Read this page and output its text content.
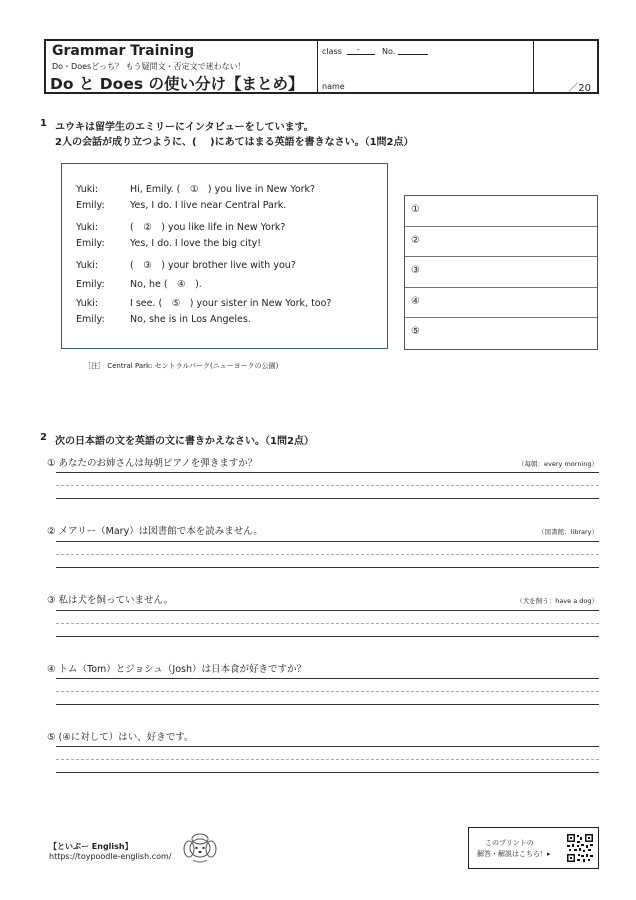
Grammar Training
Do・Doesどっち？ もう疑問文・否定文で迷わない！
Do と Does の使い分け【まとめ】
class -	No.
name	／20
1 ユウキは留学生のエミリーにインタビューをしています。
2人の会話が成り立つように、(　 )にあてはまる英語を書きなさい。（1問2点）
Yuki:	Hi, Emily. (　①　) you live in New York?
Emily:	Yes, I do. I live near Central Park.
Yuki:	(　②　) you like life in New York?
Emily:	Yes, I do. I love the big city!
Yuki:	(　③　) your brother live with you?
Emily:	No, he (　④　).
Yuki:	I see. (　⑤　) your sister in New York, too?
Emily:	No, she is in Los Angeles.
①
②
③
④
⑤
［注］ Central Park: セントラルパーク(ニューヨークの公園)
2 次の日本語の文を英語の文に書きかえなさい。（1問2点）
① あなたのお姉さんは毎朝ピアノを弾きますか？	（毎朝：every morning）
② メアリー（Mary）は図書館で本を読みません。	（図書館：library）
③ 私は犬を飼っていません。	（犬を飼う：have a dog）
④ トム（Tom）とジョシュ（Josh）は日本食が好きですか？
⑤ (④に対して）はい、好きです。
【といぷー English】
https://toypoodle-english.com/
このプリントの
解答・解説はこちら！▸
